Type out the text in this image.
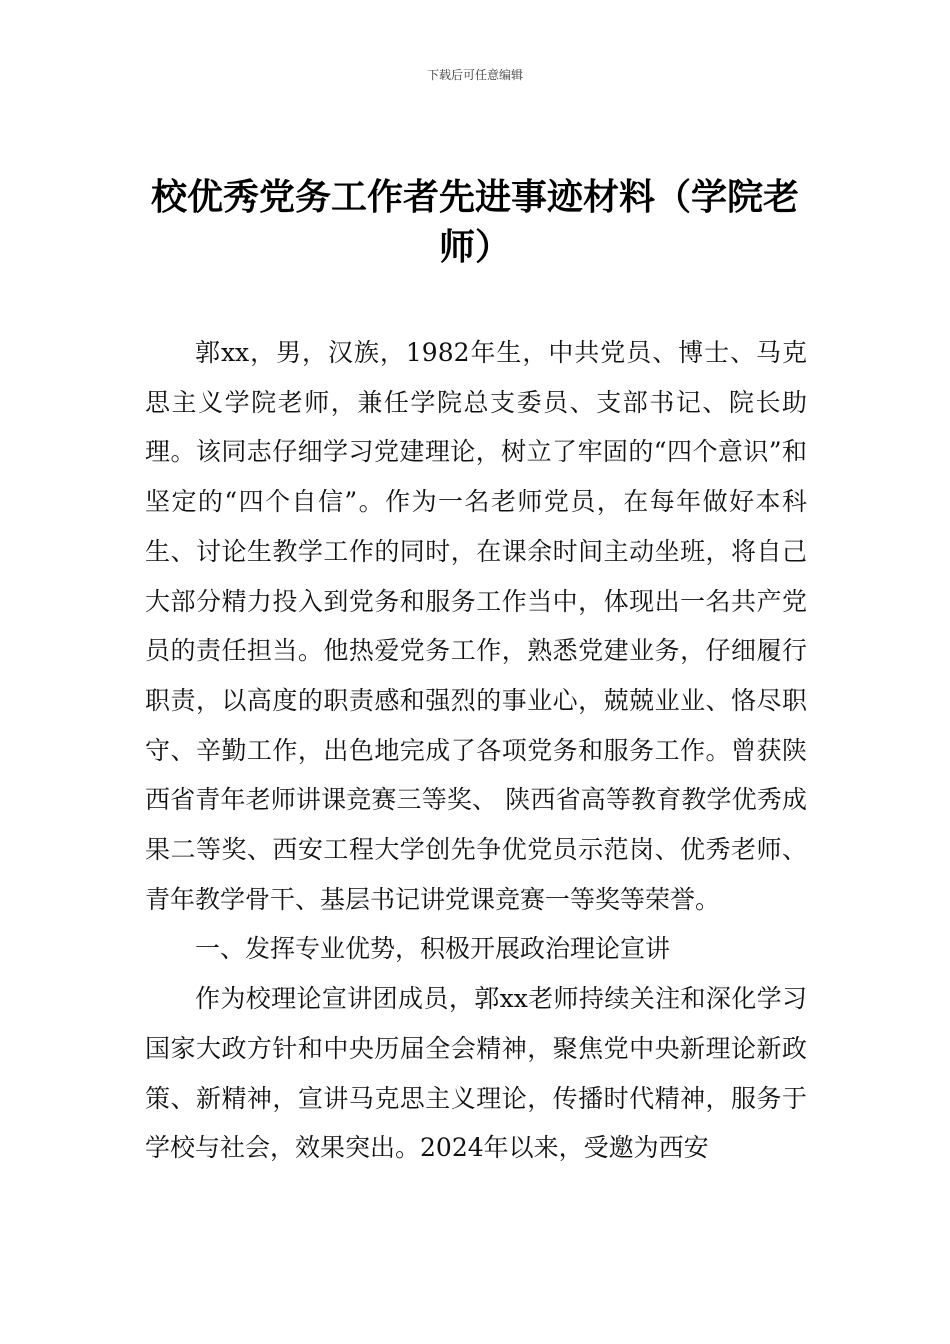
下载后可任意编辑
校优秀党务工作者先进事迹材料（学院老师）

郭xx，男，汉族，1982年生，中共党员、博士、马克思主义学院老师，兼任学院总支委员、支部书记、院长助理。该同志仔细学习党建理论，树立了牢固的“四个意识”和坚定的“四个自信”。作为一名老师党员，在每年做好本科生、讨论生教学工作的同时，在课余时间主动坐班，将自己大部分精力投入到党务和服务工作当中，体现出一名共产党员的责任担当。他热爱党务工作，熟悉党建业务，仔细履行职责，以高度的职责感和强烈的事业心，兢兢业业、恪尽职守、辛勤工作，出色地完成了各项党务和服务工作。曾获陕西省青年老师讲课竞赛三等奖、 陕西省高等教育教学优秀成果二等奖、西安工程大学创先争优党员示范岗、优秀老师、青年教学骨干、基层书记讲党课竞赛一等奖等荣誉。

一、发挥专业优势，积极开展政治理论宣讲

作为校理论宣讲团成员，郭xx老师持续关注和深化学习国家大政方针和中央历届全会精神，聚焦党中央新理论新政策、新精神，宣讲马克思主义理论，传播时代精神，服务于学校与社会，效果突出。2024年以来，受邀为西安
